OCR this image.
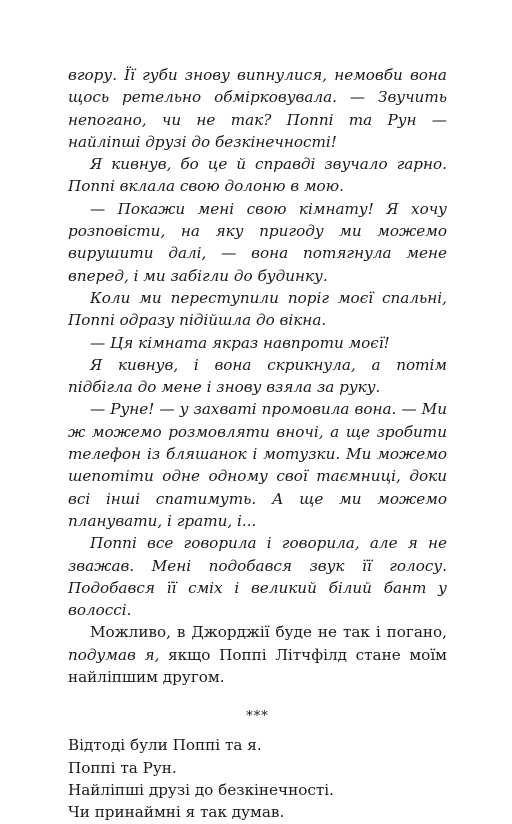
вгору. Її губи знову випнулися, немовби вона щось ретельно обмірковувала. — Звучить непогано, чи не так? Поппі та Рун — найліпші друзі до безкінечності!

Я кивнув, бо це й справді звучало гарно. Поппі вклала свою долоню в мою.

— Покажи мені свою кімнату! Я хочу розповісти, на яку пригоду ми можемо вирушити далі, — вона потягнула мене вперед, і ми забігли до будинку.

Коли ми переступили поріг моєї спальні, Поппі одразу підійшла до вікна.

— Ця кімната якраз навпроти моєї!

Я кивнув, і вона скрикнула, а потім підбігла до мене і знову взяла за руку.

— Руне! — у захваті промовила вона. — Ми ж можемо розмовляти вночі, а ще зробити телефон із бляшанок і мотузки. Ми можемо шепотіти одне одному свої таємниці, доки всі інші спатимуть. А ще ми можемо планувати, і грати, і...

Поппі все говорила і говорила, але я не зважав. Мені подобався звук її голосу. Подобався її сміх і великий білий бант у волоссі.

Можливо, в Джорджії буде не так і погано, подумав я, якщо Поппі Літчфілд стане моїм найліпшим другом.

***

Відтоді були Поппі та я.

Поппі та Рун.

Найліпші друзі до безкінечності.

Чи принаймні я так думав.
